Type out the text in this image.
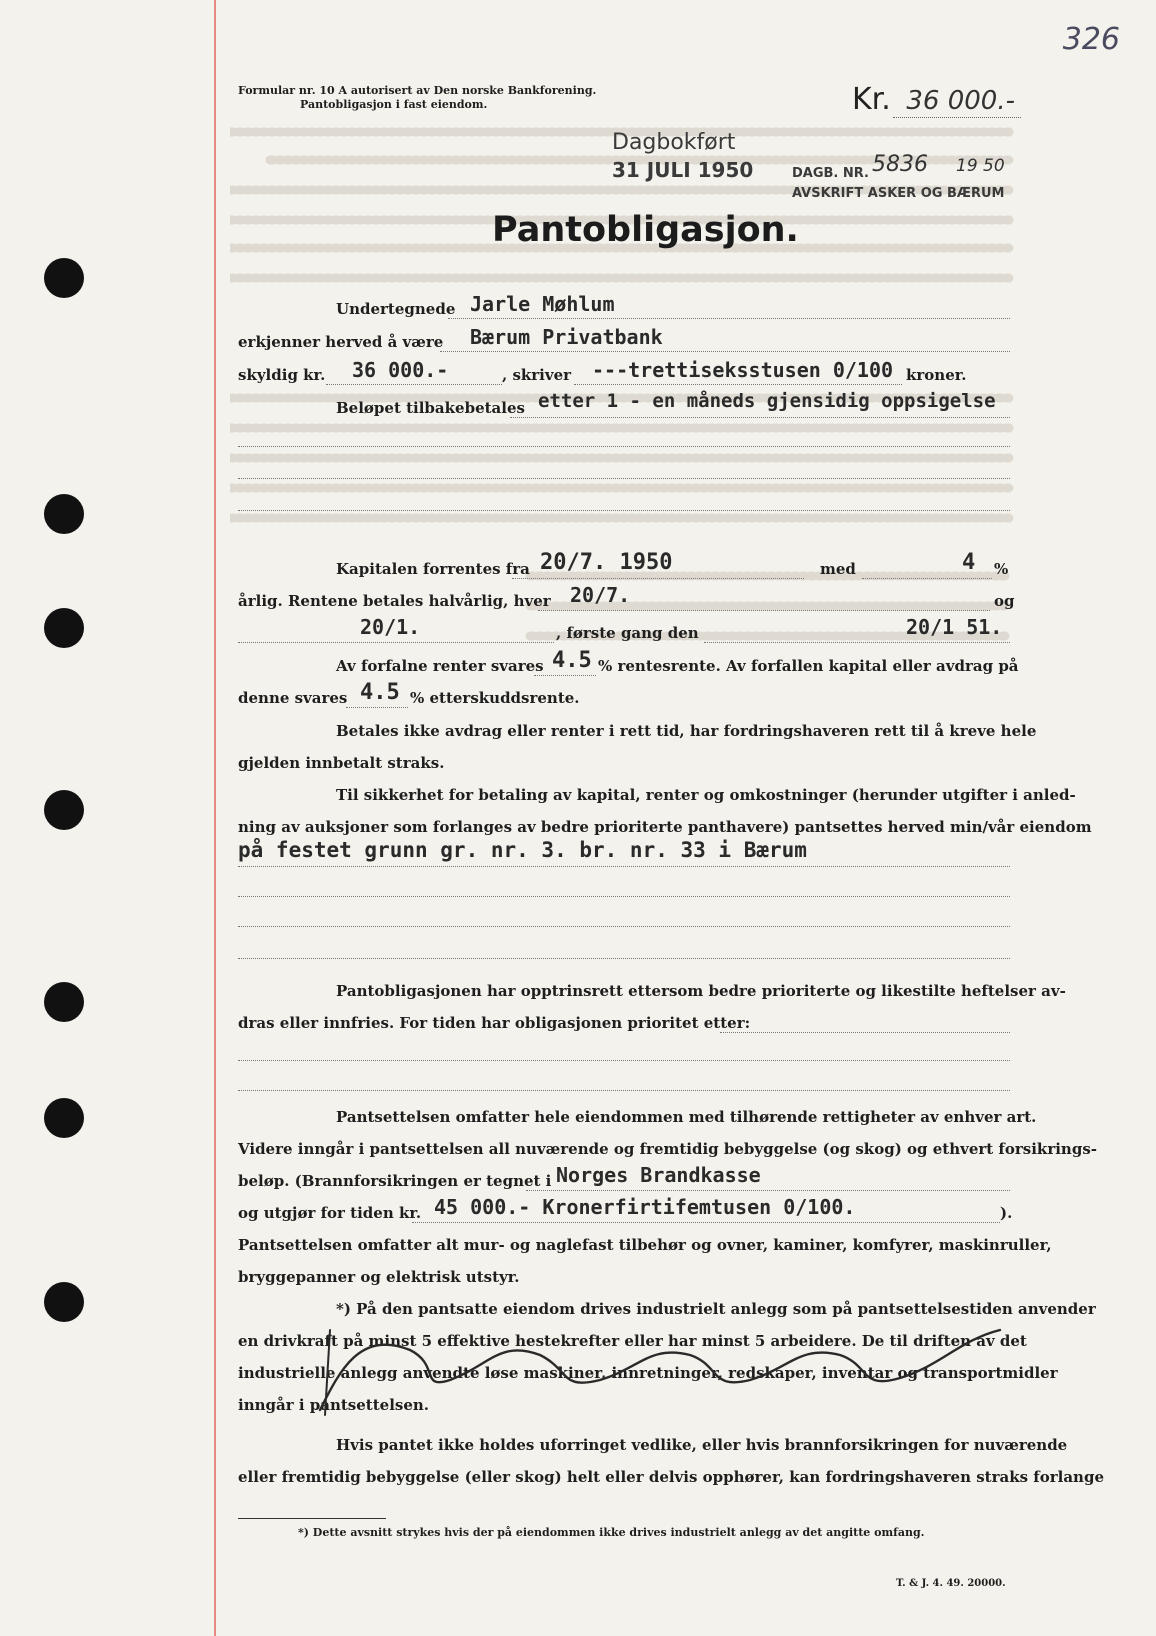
326
Formular nr. 10 A autorisert av Den norske Bankforening.
Pantobligasjon i fast eiendom.	Kr. 36 000.-
Dagbokført
31 JULI 1950	DAGB. NR. 5836 19 50
AVSKRIFT ASKER OG BÆRUM
Pantobligasjon.
Undertegnede Jarle Møhlum
erkjenner herved å være Bærum Privatbank
skyldig kr. 36 000.-	, skriver ---trettiseksstusen 0/100 kroner.
Beløpet tilbakebetales etter 1 - en måneds gjensidig oppsigelse
Kapitalen forrentes fra 20/7. 1950	med	4 %
årlig. Rentene betales halvårlig, hver 20/7.	og
20/1.	, første gang den	20/1 51.
Av forfalne renter svares 4.5 % rentesrente. Av forfallen kapital eller avdrag på
denne svares 4.5 % etterskuddsrente.
Betales ikke avdrag eller renter i rett tid, har fordringshaveren rett til å kreve hele
gjelden innbetalt straks.
Til sikkerhet for betaling av kapital, renter og omkostninger (herunder utgifter i anled-
ning av auksjoner som forlanges av bedre prioriterte panthavere) pantsettes herved min/vår eiendom
på festet grunn gr. nr. 3. br. nr. 33 i Bærum
Pantobligasjonen har opptrinsrett ettersom bedre prioriterte og likestilte heftelser av-
dras eller innfries. For tiden har obligasjonen prioritet etter:
Pantsettelsen omfatter hele eiendommen med tilhørende rettigheter av enhver art.
Videre inngår i pantsettelsen all nuværende og fremtidig bebyggelse (og skog) og ethvert forsikrings-
beløp. (Brannforsikringen er tegnet i Norges Brandkasse
og utgjør for tiden kr. 45 000.- Kronerfirtifemtusen 0/100.	).
Pantsettelsen omfatter alt mur- og naglefast tilbehør og ovner, kaminer, komfyrer, maskinruller,
bryggepanner og elektrisk utstyr.
*) På den pantsatte eiendom drives industrielt anlegg som på pantsettelsestiden anvender
en drivkraft på minst 5 effektive hestekrefter eller har minst 5 arbeidere. De til driften av det
industrielle anlegg anvendte løse maskiner, innretninger, redskaper, inventar og transportmidler
inngår i pantsettelsen.
Hvis pantet ikke holdes uforringet vedlike, eller hvis brannforsikringen for nuværende
eller fremtidig bebyggelse (eller skog) helt eller delvis opphører, kan fordringshaveren straks forlange
*) Dette avsnitt strykes hvis der på eiendommen ikke drives industrielt anlegg av det angitte omfang.
T. & J. 4. 49. 20000.
